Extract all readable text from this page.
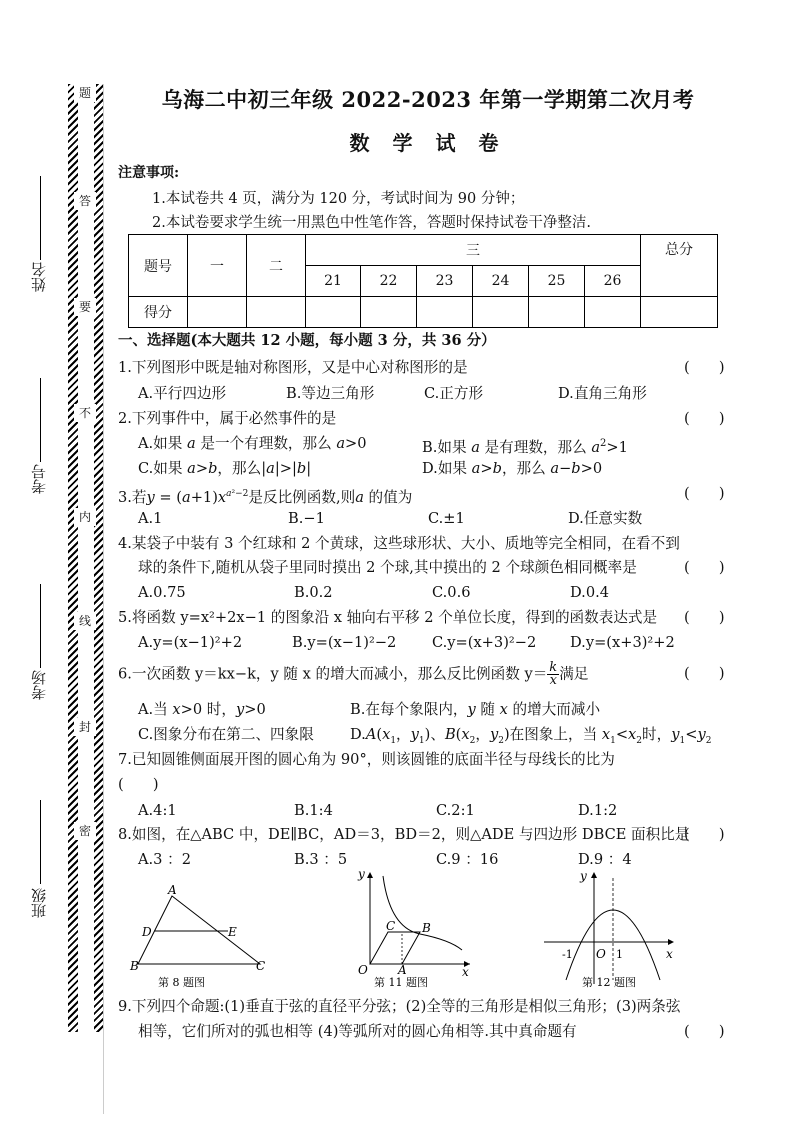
题
答
要
不
内
线
封
密
姓名
考号
考场
班级
乌海二中初三年级 2022-2023 年第一学期第二次月考
数 学 试 卷
注意事项:
1.本试卷共 4 页，满分为 120 分，考试时间为 90 分钟；
2.本试卷要求学生统一用黑色中性笔作答，答题时保持试卷干净整洁.
题号	一	二	三						总分
			21	22	23	24	25	26	
得分									
一、选择题(本大题共 12 小题，每小题 3 分，共 36 分）
1.下列图形中既是轴对称图形，又是中心对称图形的是	(　　)
A.平行四边形	B.等边三角形	C.正方形	D.直角三角形
2.下列事件中，属于必然事件的是	(　　)
A.如果 a 是一个有理数，那么 a>0	B.如果 a 是有理数，那么 $a^2>1$
C.如果 a>b，那么|a|>|b|	D.如果 a>b，那么 a−b>0
3.若$y = (a+1)x^{a^2-2}$是反比例函数,则a 的值为	(　　)
A.1	B.−1	C.±1	D.任意实数
4.某袋子中装有 3 个红球和 2 个黄球，这些球形状、大小、质地等完全相同，在看不到
球的条件下,随机从袋子里同时摸出 2 个球,其中摸出的 2 个球颜色相同概率是	(　　)
A.0.75	B.0.2	C.0.6	D.0.4
5.将函数 y=x²+2x−1 的图象沿 x 轴向右平移 2 个单位长度，得到的函数表达式是 (　　)
A.y=(x−1)²+2	B.y=(x−1)²−2 C.y=(x+3)²−2 D.y=(x+3)²+2
6.一次函数 y＝kx−k，y 随 x 的增大而减小，那么反比例函数 $y= \frac{k}{x}$ 满足	(　　)
A.当 x>0 时，y>0	B.在每个象限内，y 随 x 的增大而减小
C.图象分布在第二、四象限 $D.A(x_1$，$y_1$)、$B(x_2$，$y_2$)在图象上，当 $x_1<x_2$时，$y_1<y_2$
7.已知圆锥侧面展开图的圆心角为 90°，则该圆锥的底面半径与母线长的比为
(　　)
A.4:1	B.1:4	C.2:1	D.1:2
8.如图，在△ABC 中，DE∥BC，AD＝3，BD＝2，则△ADE 与四边形 DBCE 面积比是
(　　)
A.3 ：2	B.3 ：5	C.9 ：16	D.9 ：4
9.下列四个命题:(1)垂直于弦的直径平分弦；(2)全等的三角形是相似三角形；(3)两条弦
相等，它们所对的弧也相等 (4)等弧所对的圆心角相等.其中真命题有	(　　)
A
B	C
D	E
第 8 题图
y
x
O	A
B
C
第 11 题图
y
x
O
-1	1
第 12 题图
